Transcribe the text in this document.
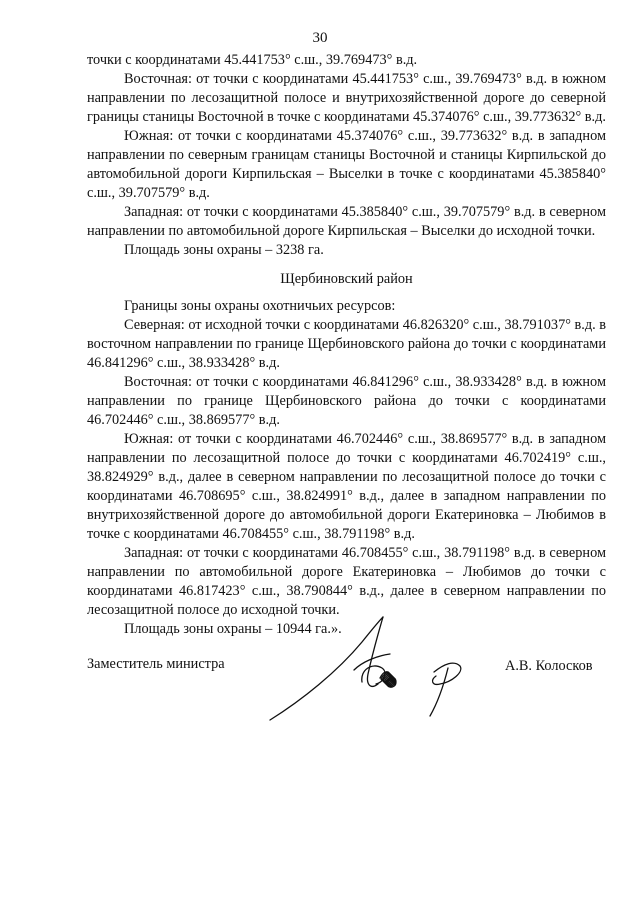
30

точки с координатами 45.441753° с.ш., 39.769473° в.д.

Восточная: от точки с координатами 45.441753° с.ш., 39.769473° в.д. в южном направлении по лесозащитной полосе и внутрихозяйственной дороге до северной границы станицы Восточной в точке с координатами 45.374076° с.ш., 39.773632° в.д.

Южная: от точки с координатами 45.374076° с.ш., 39.773632° в.д. в западном направлении по северным границам станицы Восточной и станицы Кирпильской до автомобильной дороги Кирпильская – Выселки в точке с координатами 45.385840° с.ш., 39.707579° в.д.

Западная: от точки с координатами 45.385840° с.ш., 39.707579° в.д. в северном направлении по автомобильной дороге Кирпильская – Выселки до исходной точки.

Площадь зоны охраны – 3238 га.

Щербиновский район

Границы зоны охраны охотничьих ресурсов:

Северная: от исходной точки с координатами 46.826320° с.ш., 38.791037° в.д. в восточном направлении по границе Щербиновского района до точки с координатами 46.841296° с.ш., 38.933428° в.д.

Восточная: от точки с координатами 46.841296° с.ш., 38.933428° в.д. в южном направлении по границе Щербиновского района до точки с координатами 46.702446° с.ш., 38.869577° в.д.

Южная: от точки с координатами 46.702446° с.ш., 38.869577° в.д. в западном направлении по лесозащитной полосе до точки с координатами 46.702419° с.ш., 38.824929° в.д., далее в северном направлении по лесозащитной полосе до точки с координатами 46.708695° с.ш., 38.824991° в.д., далее в западном направлении по внутрихозяйственной дороге до автомобильной дороги Екатериновка – Любимов в точке с координатами 46.708455° с.ш., 38.791198° в.д.

Западная: от точки с координатами 46.708455° с.ш., 38.791198° в.д. в северном направлении по автомобильной дороге Екатериновка – Любимов до точки с координатами 46.817423° с.ш., 38.790844° в.д., далее в северном направлении по лесозащитной полосе до исходной точки.

Площадь зоны охраны – 10944 га.».

Заместитель министра	А.В. Колосков
